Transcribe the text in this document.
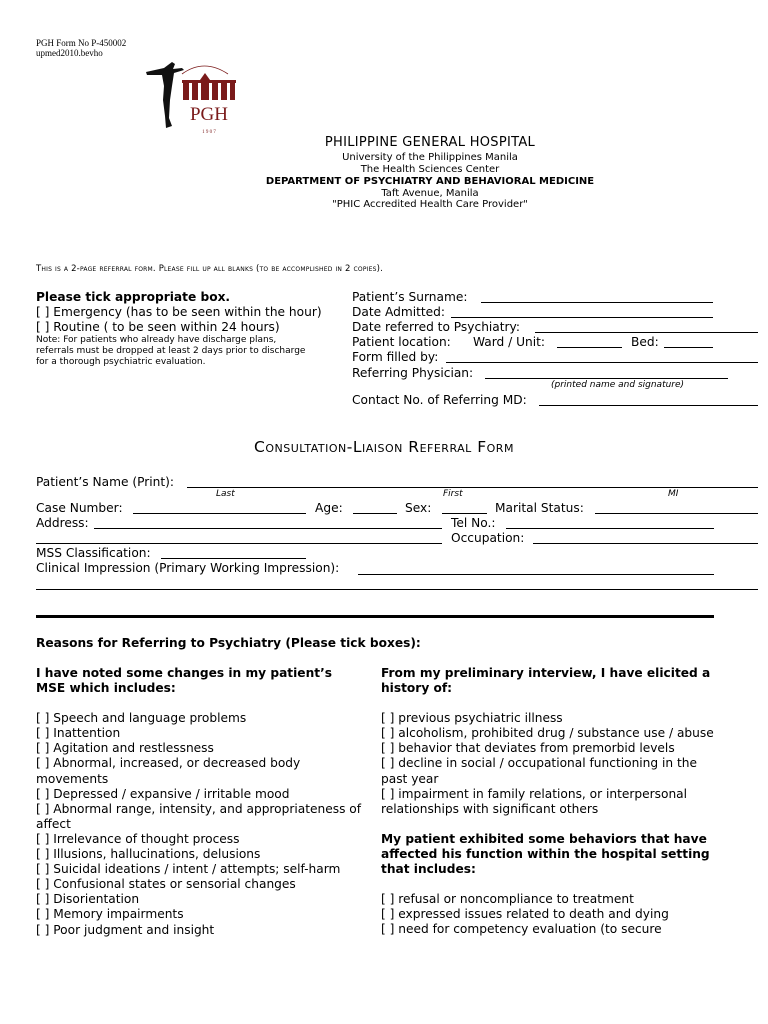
PGH Form No P-450002
upmed2010.bevho
PGH
1 9 0 7
PHILIPPINE GENERAL HOSPITAL
University of the Philippines Manila
The Health Sciences Center
DEPARTMENT OF PSYCHIATRY AND BEHAVIORAL MEDICINE
Taft Avenue, Manila
"PHIC Accredited Health Care Provider"
This is a 2-page referral form. Please fill up all blanks (to be accomplished in 2 copies).
Please tick appropriate box.
[ ] Emergency (has to be seen within the hour)
[ ] Routine ( to be seen within 24 hours)
Note: For patients who already have discharge plans,
referrals must be dropped at least 2 days prior to discharge
for a thorough psychiatric evaluation.
Patient’s Surname:
Date Admitted:
Date referred to Psychiatry:
Patient location: Ward / Unit:	Bed:
Form filled by:
Referring Physician:
(printed name and signature)
Contact No. of Referring MD:
Consultation-Liaison Referral Form
Patient’s Name (Print):
Last	First	MI
Case Number:	Age:	Sex:	Marital Status:
Address:	Tel No.:
Occupation:
MSS Classification:
Clinical Impression (Primary Working Impression):
Reasons for Referring to Psychiatry (Please tick boxes):
I have noted some changes in my patient’s MSE which includes:
[ ] Speech and language problems
[ ] Inattention
[ ] Agitation and restlessness
[ ] Abnormal, increased, or decreased body movements
[ ] Depressed / expansive / irritable mood
[ ] Abnormal range, intensity, and appropriateness of affect
[ ] Irrelevance of thought process
[ ] Illusions, hallucinations, delusions
[ ] Suicidal ideations / intent / attempts; self-harm
[ ] Confusional states or sensorial changes
[ ] Disorientation
[ ] Memory impairments
[ ] Poor judgment and insight
From my preliminary interview, I have elicited a history of:
[ ] previous psychiatric illness
[ ] alcoholism, prohibited drug / substance use / abuse
[ ] behavior that deviates from premorbid levels
[ ] decline in social / occupational functioning in the past year
[ ] impairment in family relations, or interpersonal relationships with significant others
My patient exhibited some behaviors that have affected his function within the hospital setting that includes:
[ ] refusal or noncompliance to treatment
[ ] expressed issues related to death and dying
[ ] need for competency evaluation (to secure
